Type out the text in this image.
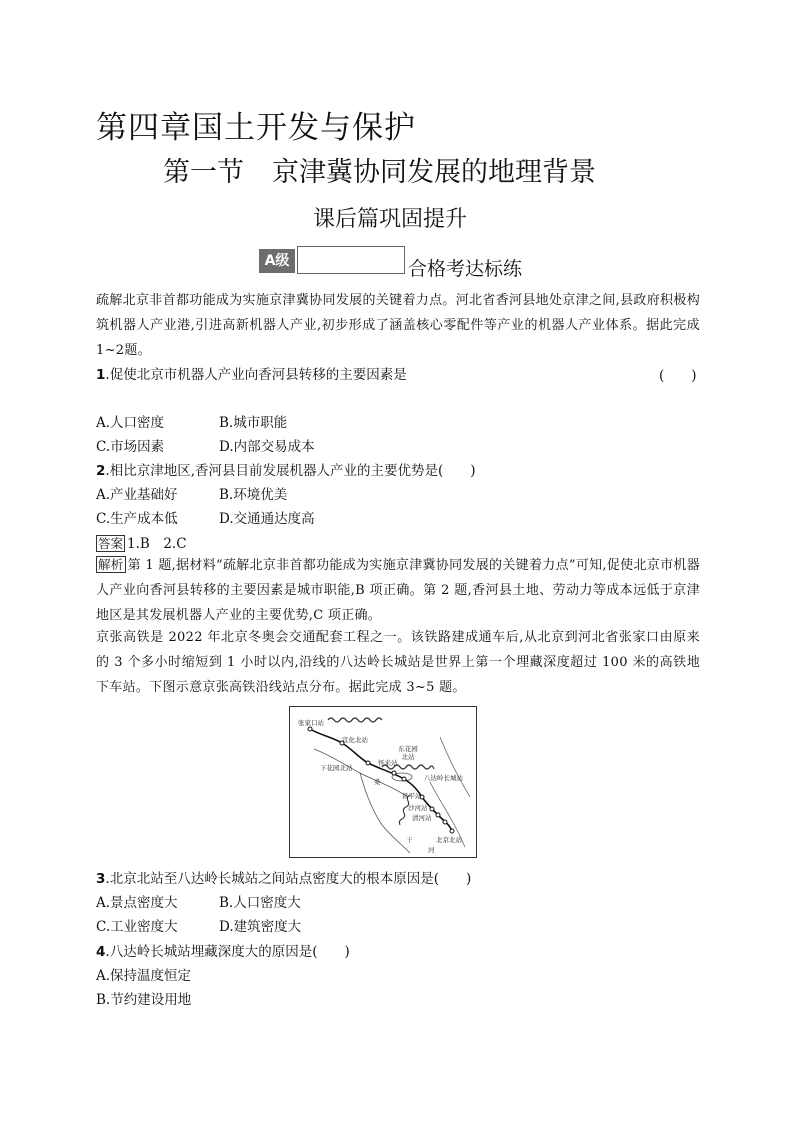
第四章国土开发与保护
第一节 京津冀协同发展的地理背景
课后篇巩固提升
A级	合格考达标练
疏解北京非首都功能成为实施京津冀协同发展的关键着力点。河北省香河县地处京津之间,县政府积极构筑机器人产业港,引进高新机器人产业,初步形成了涵盖核心零配件等产业的机器人产业体系。据此完成 1~2题。
1.促使北京市机器人产业向香河县转移的主要因素是	(　　)
A.人口密度	B.城市职能
C.市场因素	D.内部交易成本
2.相比京津地区,香河县目前发展机器人产业的主要优势是(　　)
A.产业基础好	B.环境优美
C.生产成本低	D.交通通达度高
答案 1.B　2.C
解析 第 1 题,据材料“疏解北京非首都功能成为实施京津冀协同发展的关键着力点”可知,促使北京市机器人产业向香河县转移的主要因素是城市职能,B 项正确。第 2 题,香河县土地、劳动力等成本远低于京津地区是其发展机器人产业的主要优势,C 项正确。
京张高铁是 2022 年北京冬奥会交通配套工程之一。该铁路建成通车后,从北京到河北省张家口由原来的 3 个多小时缩短到 1 小时以内,沿线的八达岭长城站是世界上第一个埋藏深度超过 100 米的高铁地下车站。下图示意京张高铁沿线站点分布。据此完成 3~5 题。
张家口站
宣化北站
下花园北站
怀来站
东花园北站
八达岭长城站
昌平站
沙河站
清河站
北京北站
桑
干
河
3.北京北站至八达岭长城站之间站点密度大的根本原因是(　　)
A.景点密度大	B.人口密度大
C.工业密度大	D.建筑密度大
4.八达岭长城站埋藏深度大的原因是(　　)
A.保持温度恒定
B.节约建设用地
